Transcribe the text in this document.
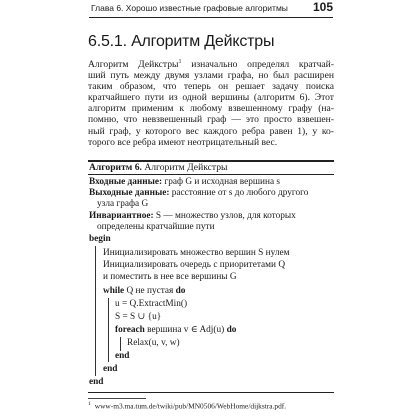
Глава 6. Хорошо известные графовые алгоритмы 105
6.5.1. Алгоритм Дейкстры

Алгоритм Дейкстры$^1$ изначально определял кратчай-

ший путь между двумя узлами графа, но был расширен

таким образом, что теперь он решает задачу поиска

кратчайшего пути из одной вершины (алгоритм 6). Этот

алгоритм применим к любому взвешенному графу (на-

помню, что невзвешенный граф — это просто взвешен-

ный граф, у которого вес каждого ребра равен 1), у ко-

торого все ребра имеют неотрицательный вес.

Алгоритм 6. Алгоритм Дейкстры
Входные данные: граф G и исходная вершина s
Выходные данные: расстояние от s до любого другого
узла графа G
Инвариантное: S — множество узлов, для которых
определены кратчайшие пути
begin
Инициализировать множество вершин S нулем
Инициализировать очередь с приоритетами Q
и поместить в нее все вершины G
while Q не пустая do
u = Q.ExtractMin()
S = S ∪ {u}
foreach вершина v ∈ Adj(u) do
Relax(u, v, w)
end
end
end
$^1$ www-m3.ma.tum.de/twiki/pub/MN0506/WebHome/dijkstra.pdf.
